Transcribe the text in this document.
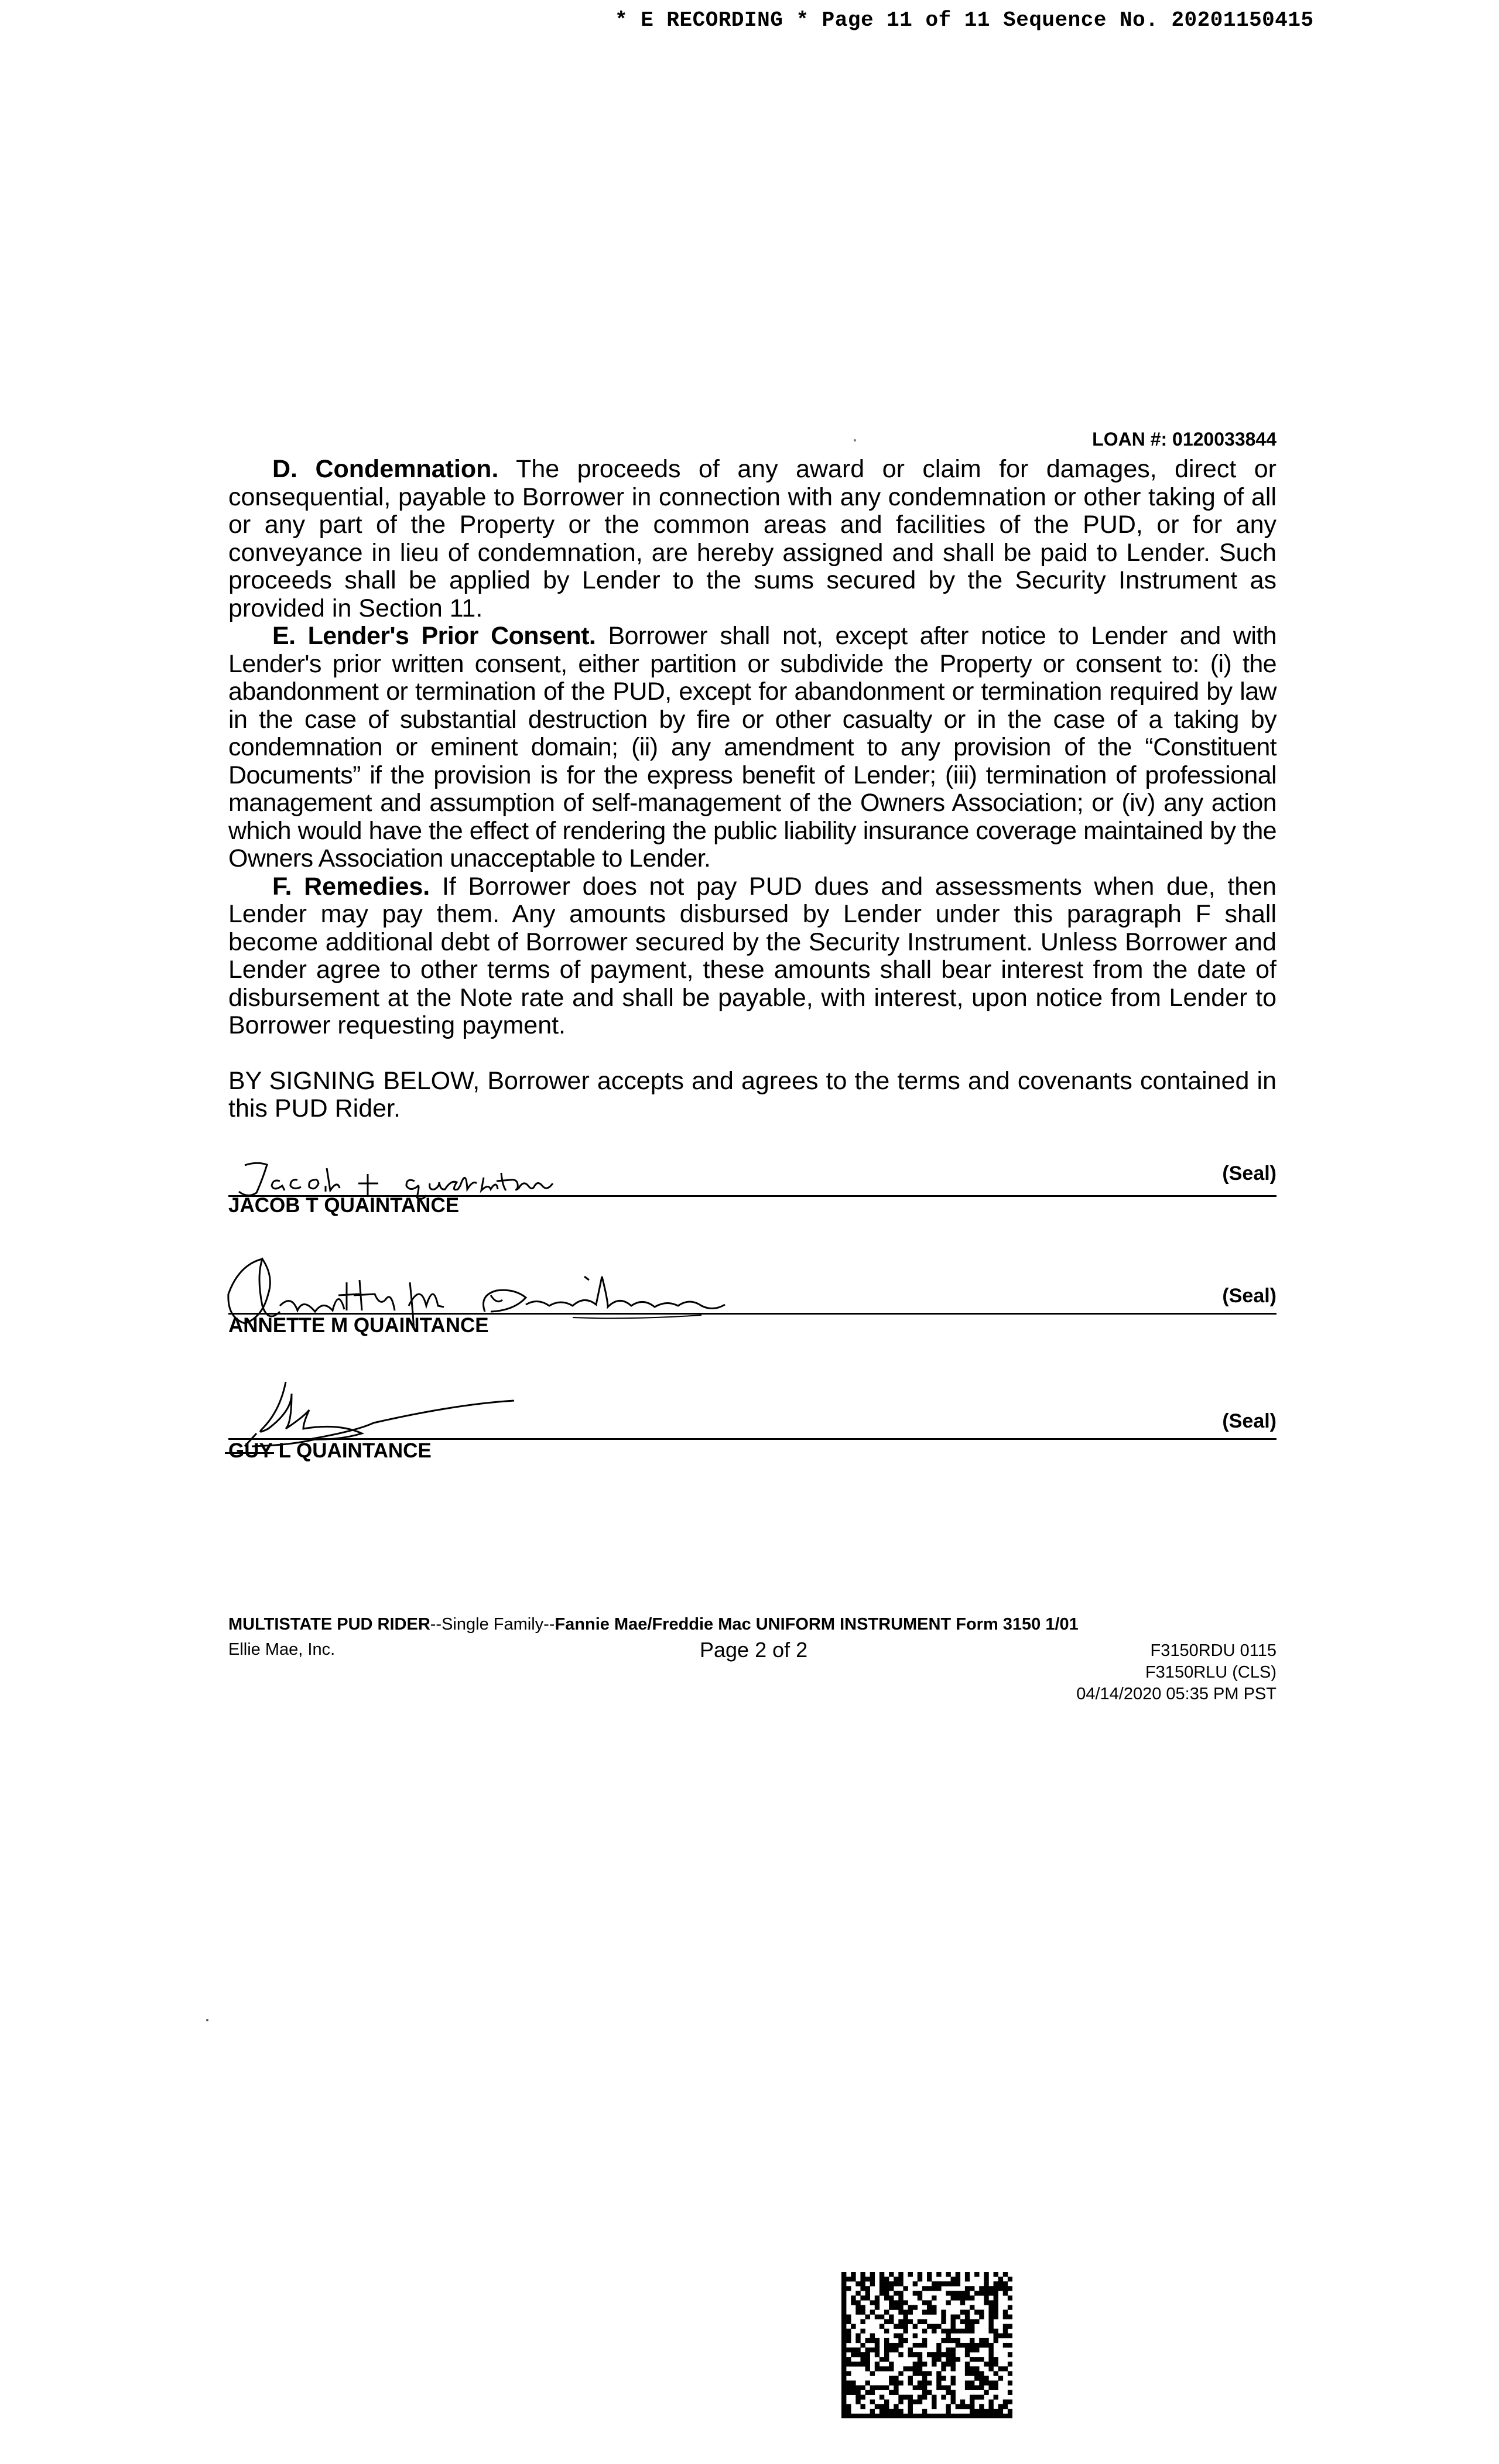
* E RECORDING * Page 11 of 11 Sequence No. 20201150415
LOAN #: 0120033844

D. Condemnation. The proceeds of any award or claim for damages, direct or consequential, payable to Borrower in connection with any condemnation or other taking of all or any part of the Property or the common areas and facilities of the PUD, or for any conveyance in lieu of condemnation, are hereby assigned and shall be paid to Lender. Such proceeds shall be applied by Lender to the sums secured by the Security Instrument as provided in Section 11.

E. Lender's Prior Consent. Borrower shall not, except after notice to Lender and with Lender's prior written consent, either partition or subdivide the Property or consent to: (i) the abandonment or termination of the PUD, except for abandonment or termination required by law in the case of substantial destruction by fire or other casualty or in the case of a taking by condemnation or eminent domain; (ii) any amendment to any provision of the “Constituent Documents” if the provision is for the express benefit of Lender; (iii) termination of professional management and assumption of self-management of the Owners Association; or (iv) any action which would have the effect of rendering the public liability insurance coverage maintained by the Owners Association unacceptable to Lender.

F. Remedies. If Borrower does not pay PUD dues and assessments when due, then Lender may pay them. Any amounts disbursed by Lender under this paragraph F shall become additional debt of Borrower secured by the Security Instrument. Unless Borrower and Lender agree to other terms of payment, these amounts shall bear interest from the date of disbursement at the Note rate and shall be payable, with interest, upon notice from Lender to Borrower requesting payment.

BY SIGNING BELOW, Borrower accepts and agrees to the terms and covenants contained in this PUD Rider.

(Seal)
JACOB T QUAINTANCE
(Seal)
ANNETTE M QUAINTANCE
(Seal)
GUY L QUAINTANCE
MULTISTATE PUD RIDER--Single Family--Fannie Mae/Freddie Mac UNIFORM INSTRUMENT Form 3150 1/01
Ellie Mae, Inc.	Page 2 of 2	F3150RDU 0115
F3150RLU (CLS)
04/14/2020 05:35 PM PST
